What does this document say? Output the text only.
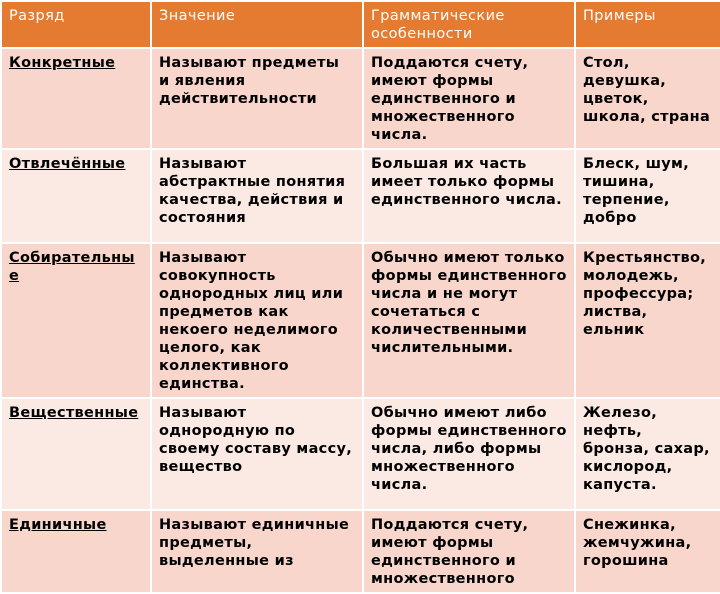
Разряд	Значение	Грамматические особенности	Примеры
Конкретные	Называют предметы и явления действительности	Поддаются счету, имеют формы единственного и множественного числа.	Стол, девушка, цветок, школа, страна
Отвлечённые	Называют абстрактные понятия качества, действия и состояния	Большая их часть имеет только формы единственного числа.	Блеск, шум, тишина, терпение, добро
Собирательные	Называют совокупность однородных лиц или предметов как некоего неделимого целого, как коллективного единства.	Обычно имеют только формы единственного числа и не могут сочетаться с количественными числительными.	Крестьянство, молодежь, профессура; листва, ельник
Вещественные	Называют однородную по своему составу массу, вещество	Обычно имеют либо формы единственного числа, либо формы множественного числа.	Железо, нефть, бронза, сахар, кислород, капуста.
Единичные	Называют единичные предметы, выделенные из	Поддаются счету, имеют формы единственного и множественного	Снежинка, жемчужина, горошина
